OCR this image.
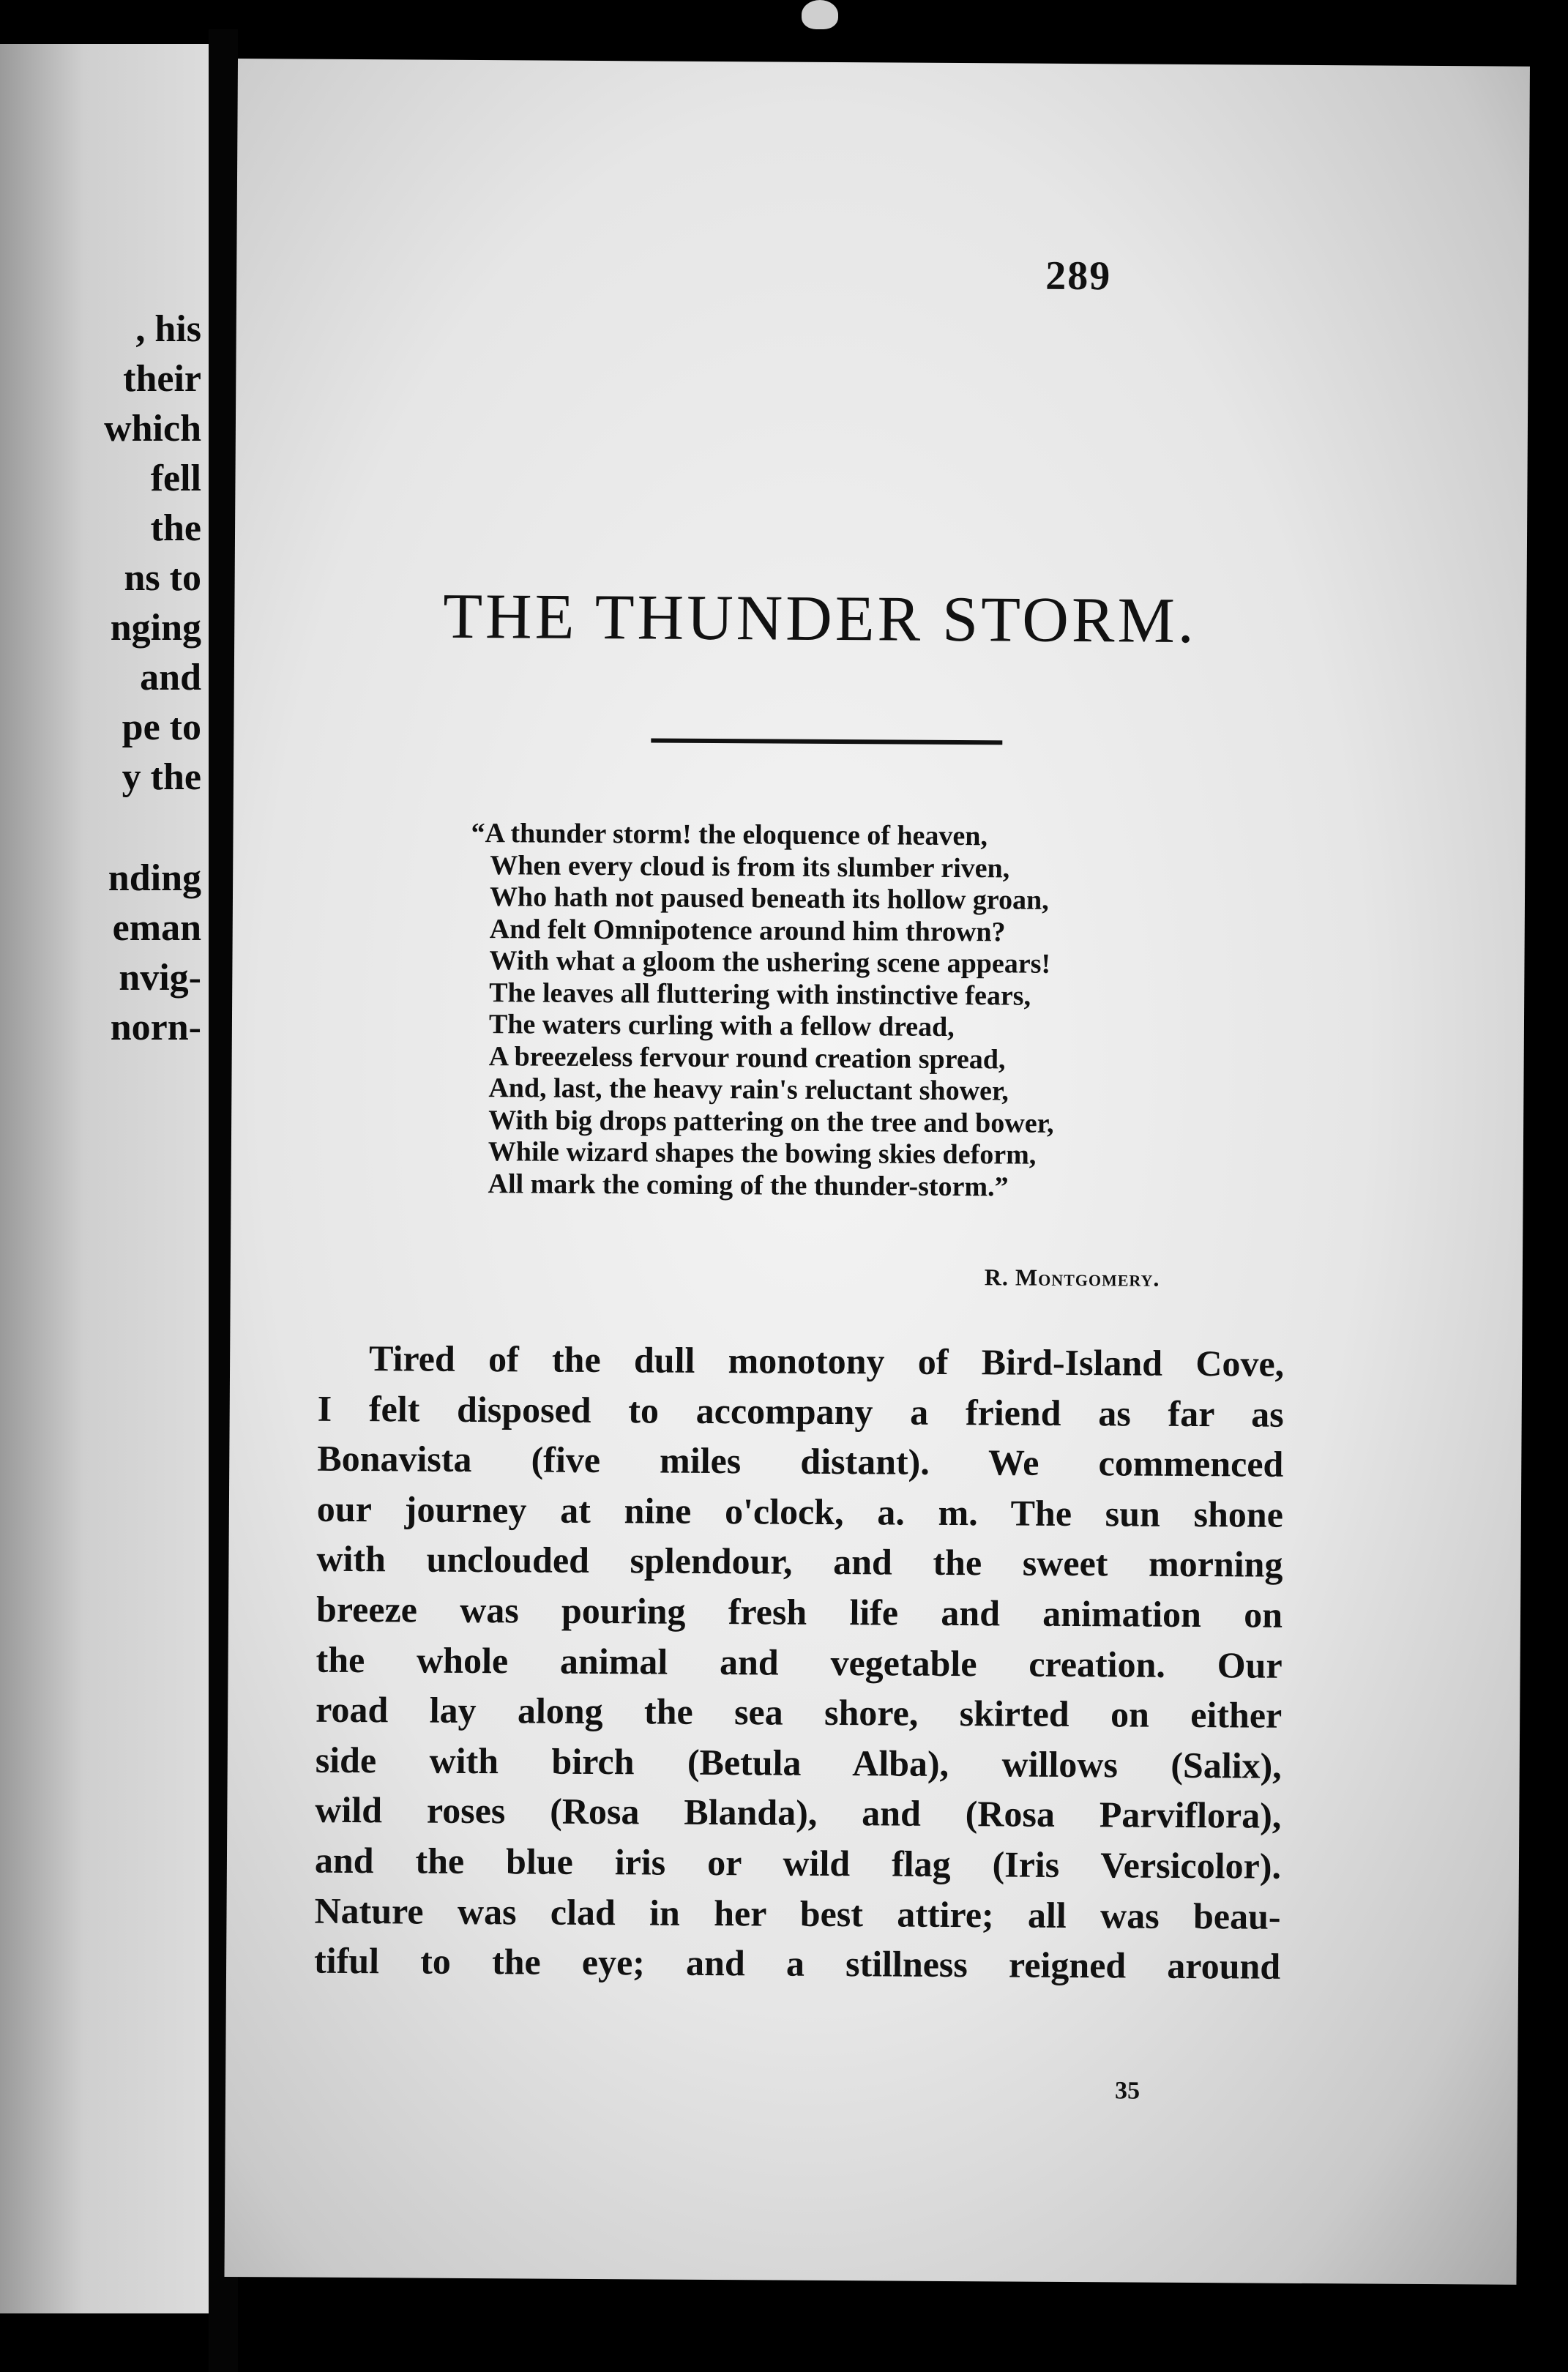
, his
their
which
fell
the
ns to
nging
and
pe to
y the
nding
eman
nvig-
norn-
289
THE THUNDER STORM.
“A thunder storm! the eloquence of heaven,
When every cloud is from its slumber riven,
Who hath not paused beneath its hollow groan,
And felt Omnipotence around him thrown?
With what a gloom the ushering scene appears!
The leaves all fluttering with instinctive fears,
The waters curling with a fellow dread,
A breezeless fervour round creation spread,
And, last, the heavy rain's reluctant shower,
With big drops pattering on the tree and bower,
While wizard shapes the bowing skies deform,
All mark the coming of the thunder-storm.”
R. Montgomery.
Tired of the dull monotony of Bird-Island Cove,
I felt disposed to accompany a friend as far as
Bonavista (five miles distant). We commenced
our journey at nine o'clock, a. m. The sun shone
with unclouded splendour, and the sweet morning
breeze was pouring fresh life and animation on
the whole animal and vegetable creation. Our
road lay along the sea shore, skirted on either
side with birch (Betula Alba), willows (Salix),
wild roses (Rosa Blanda), and (Rosa Parviflora),
and the blue iris or wild flag (Iris Versicolor).
Nature was clad in her best attire; all was beau-
tiful to the eye; and a stillness reigned around
35
